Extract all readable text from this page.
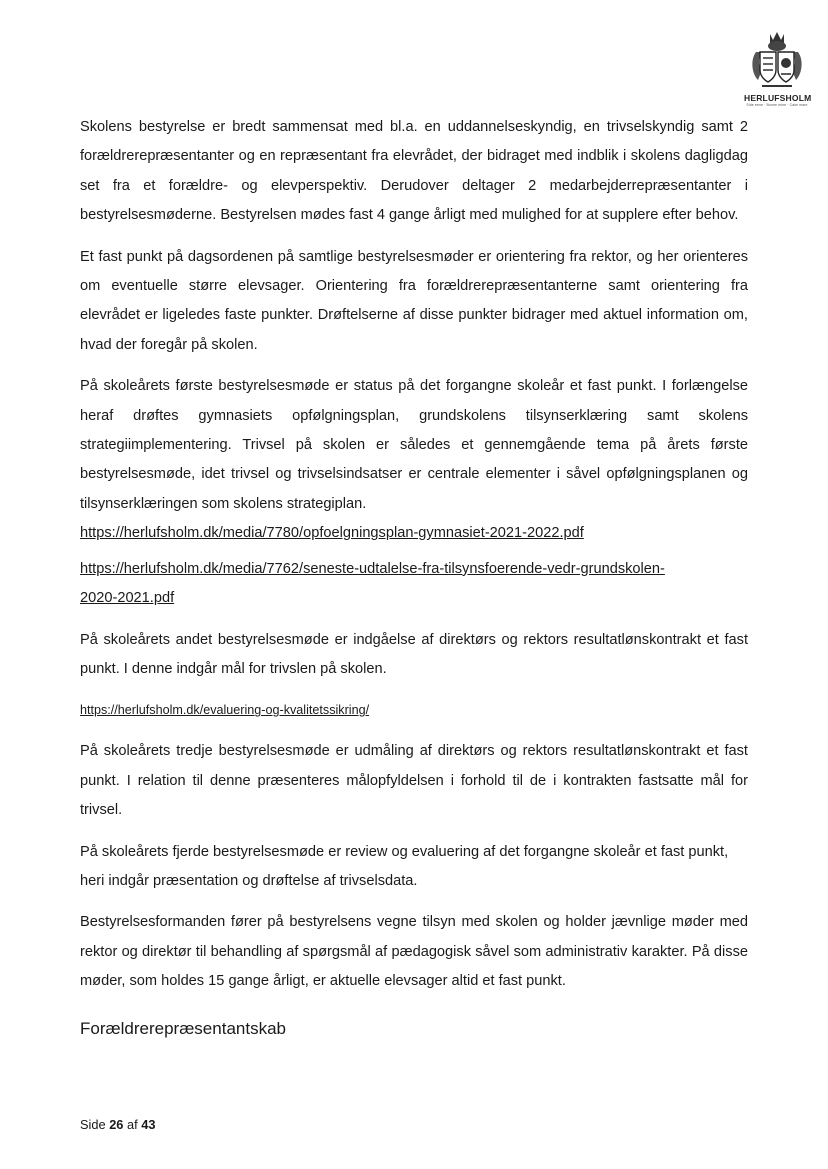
HERLUFSHOLM
Side eene · Bonne mine · Calm mare

Skolens bestyrelse er bredt sammensat med bl.a. en uddannelseskyndig, en trivselskyndig samt 2 forældrerepræsentanter og en repræsentant fra elevrådet, der bidraget med indblik i skolens dagligdag set fra et forældre- og elevperspektiv. Derudover deltager 2 medarbejderrepræsentanter i bestyrelsesmøderne. Bestyrelsen mødes fast 4 gange årligt med mulighed for at supplere efter behov.

Et fast punkt på dagsordenen på samtlige bestyrelsesmøder er orientering fra rektor, og her orienteres om eventuelle større elevsager. Orientering fra forældrerepræsentanterne samt orientering fra elevrådet er ligeledes faste punkter. Drøftelserne af disse punkter bidrager med aktuel information om, hvad der foregår på skolen.

På skoleårets første bestyrelsesmøde er status på det forgangne skoleår et fast punkt. I forlængelse heraf drøftes gymnasiets opfølgningsplan, grundskolens tilsynserklæring samt skolens strategiimplementering. Trivsel på skolen er således et gennemgående tema på årets første bestyrelsesmøde, idet trivsel og trivselsindsatser er centrale elementer i såvel opfølgningsplanen og tilsynserklæringen som skolens strategiplan.

https://herlufsholm.dk/media/7780/opfoelgningsplan-gymnasiet-2021-2022.pdf
https://herlufsholm.dk/media/7762/seneste-udtalelse-fra-tilsynsfoerende-vedr-grundskolen-
2020-2021.pdf

På skoleårets andet bestyrelsesmøde er indgåelse af direktørs og rektors resultatlønskontrakt et fast punkt. I denne indgår mål for trivslen på skolen.

https://herlufsholm.dk/evaluering-og-kvalitetssikring/

På skoleårets tredje bestyrelsesmøde er udmåling af direktørs og rektors resultatlønskontrakt et fast punkt. I relation til denne præsenteres målopfyldelsen i forhold til de i kontrakten fastsatte mål for trivsel.

På skoleårets fjerde bestyrelsesmøde er review og evaluering af det forgangne skoleår et fast punkt, heri indgår præsentation og drøftelse af trivselsdata.

Bestyrelsesformanden fører på bestyrelsens vegne tilsyn med skolen og holder jævnlige møder med rektor og direktør til behandling af spørgsmål af pædagogisk såvel som administrativ karakter. På disse møder, som holdes 15 gange årligt, er aktuelle elevsager altid et fast punkt.

Forældrerepræsentantskab
Side 26 af 43
